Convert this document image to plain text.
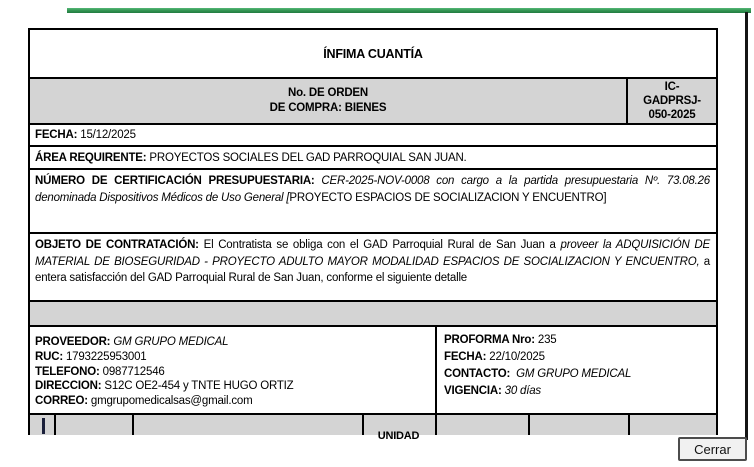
ÍNFIMA CUANTÍA
No. DE ORDEN
DE COMPRA: BIENES
IC-
GADPRSJ-
050-2025
FECHA: 15/12/2025
ÁREA REQUIRENTE: PROYECTOS SOCIALES DEL GAD PARROQUIAL SAN JUAN.
NÚMERO DE CERTIFICACIÓN PRESUPUESTARIA: CER-2025-NOV-0008 con cargo a la partida presupuestaria Nº. 73.08.26 denominada Dispositivos Médicos de Uso General [PROYECTO ESPACIOS DE SOCIALIZACION Y ENCUENTRO]
OBJETO DE CONTRATACIÓN: El Contratista se obliga con el GAD Parroquial Rural de San Juan a proveer la ADQUISICIÓN DE MATERIAL DE BIOSEGURIDAD - PROYECTO ADULTO MAYOR MODALIDAD ESPACIOS DE SOCIALIZACION Y ENCUENTRO, a entera satisfacción del GAD Parroquial Rural de San Juan, conforme el siguiente detalle
PROVEEDOR: GM GRUPO MEDICAL
RUC: 1793225953001
TELEFONO: 0987712546
DIRECCION: S12C OE2-454 y TNTE HUGO ORTIZ
CORREO: gmgrupomedicalsas@gmail.com
PROFORMA Nro: 235
FECHA: 22/10/2025
CONTACTO:  GM GRUPO MEDICAL
VIGENCIA: 30 días
UNIDAD
Cerrar
